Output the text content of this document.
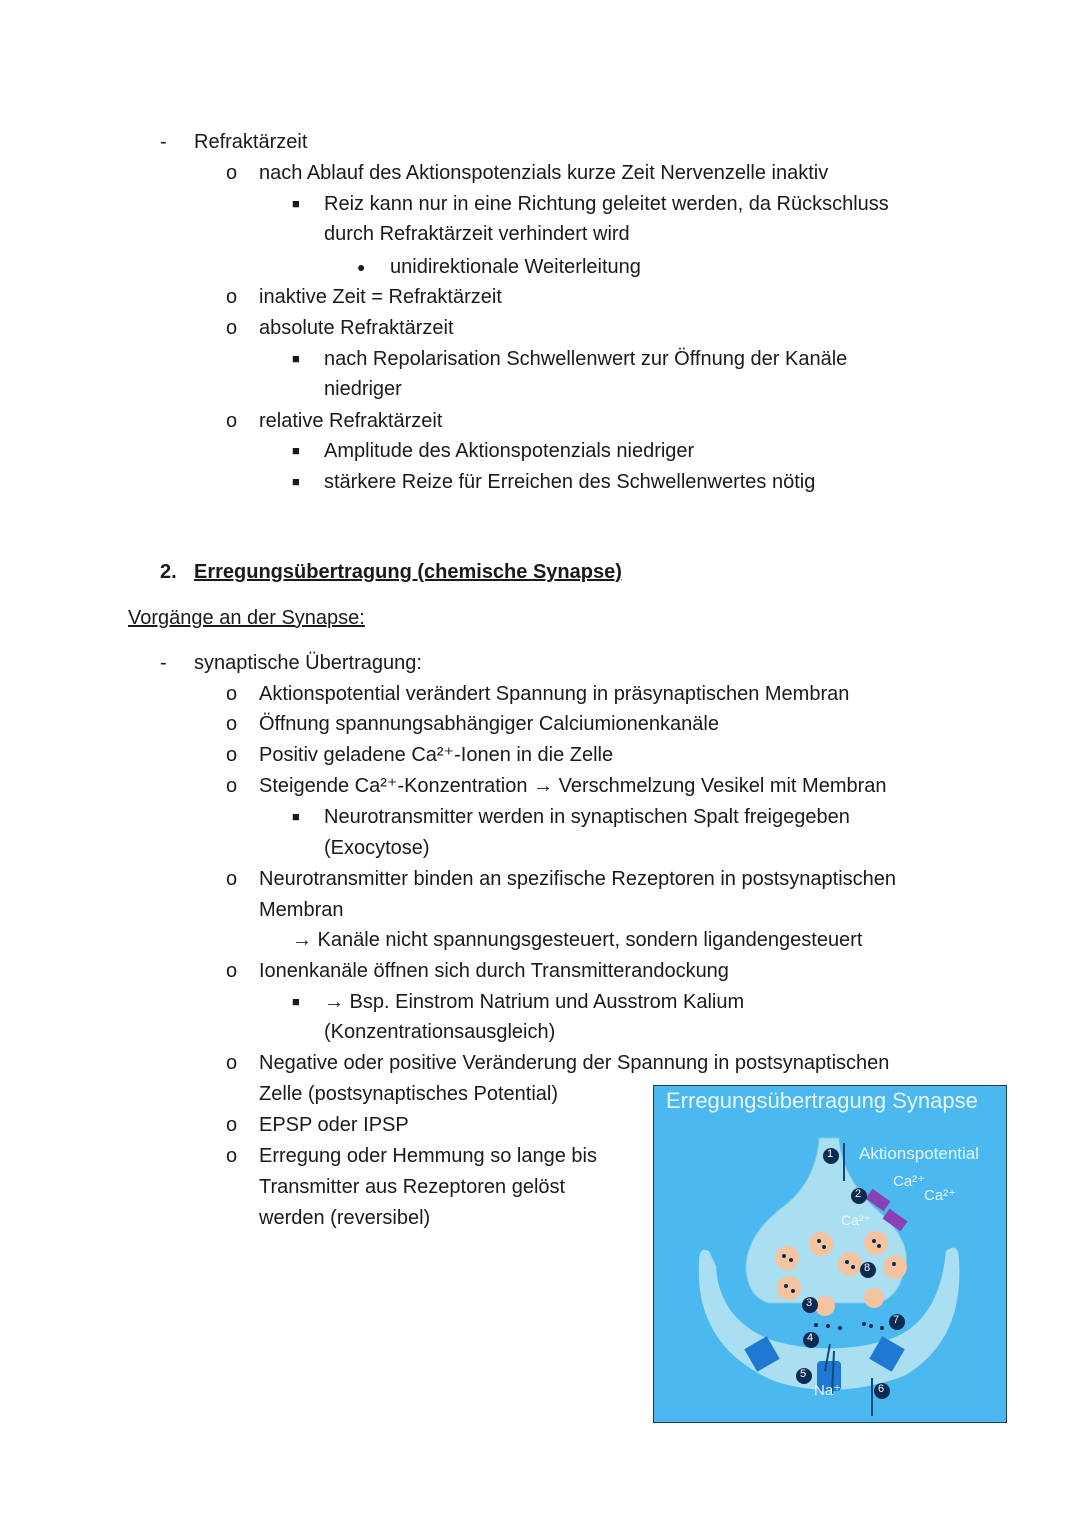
- Refraktärzeit
o nach Ablauf des Aktionspotenzials kurze Zeit Nervenzelle inaktiv
■ Reiz kann nur in eine Richtung geleitet werden, da Rückschluss
durch Refraktärzeit verhindert wird
● unidirektionale Weiterleitung
o inaktive Zeit = Refraktärzeit
o absolute Refraktärzeit
■ nach Repolarisation Schwellenwert zur Öffnung der Kanäle
niedriger
o relative Refraktärzeit
■ Amplitude des Aktionspotenzials niedriger
■ stärkere Reize für Erreichen des Schwellenwertes nötig
2. Erregungsübertragung (chemische Synapse)
Vorgänge an der Synapse:
- synaptische Übertragung:
o Aktionspotential verändert Spannung in präsynaptischen Membran
o Öffnung spannungsabhängiger Calciumionenkanäle
o Positiv geladene Ca²⁺-Ionen in die Zelle
o Steigende Ca²⁺-Konzentration → Verschmelzung Vesikel mit Membran
■ Neurotransmitter werden in synaptischen Spalt freigegeben
(Exocytose)
o Neurotransmitter binden an spezifische Rezeptoren in postsynaptischen
Membran
→ Kanäle nicht spannungsgesteuert, sondern ligandengesteuert
o Ionenkanäle öffnen sich durch Transmitterandockung
■ → Bsp. Einstrom Natrium und Ausstrom Kalium
(Konzentrationsausgleich)
o Negative oder positive Veränderung der Spannung in postsynaptischen
Zelle (postsynaptisches Potential)
o EPSP oder IPSP
o Erregung oder Hemmung so lange bis
Transmitter aus Rezeptoren gelöst
werden (reversibel)
Erregungsübertragung Synapse
Aktionspotential
Ca²⁺
Ca²⁺
Ca²⁺
Na⁺
1
2
3
4
5
6
7
8
